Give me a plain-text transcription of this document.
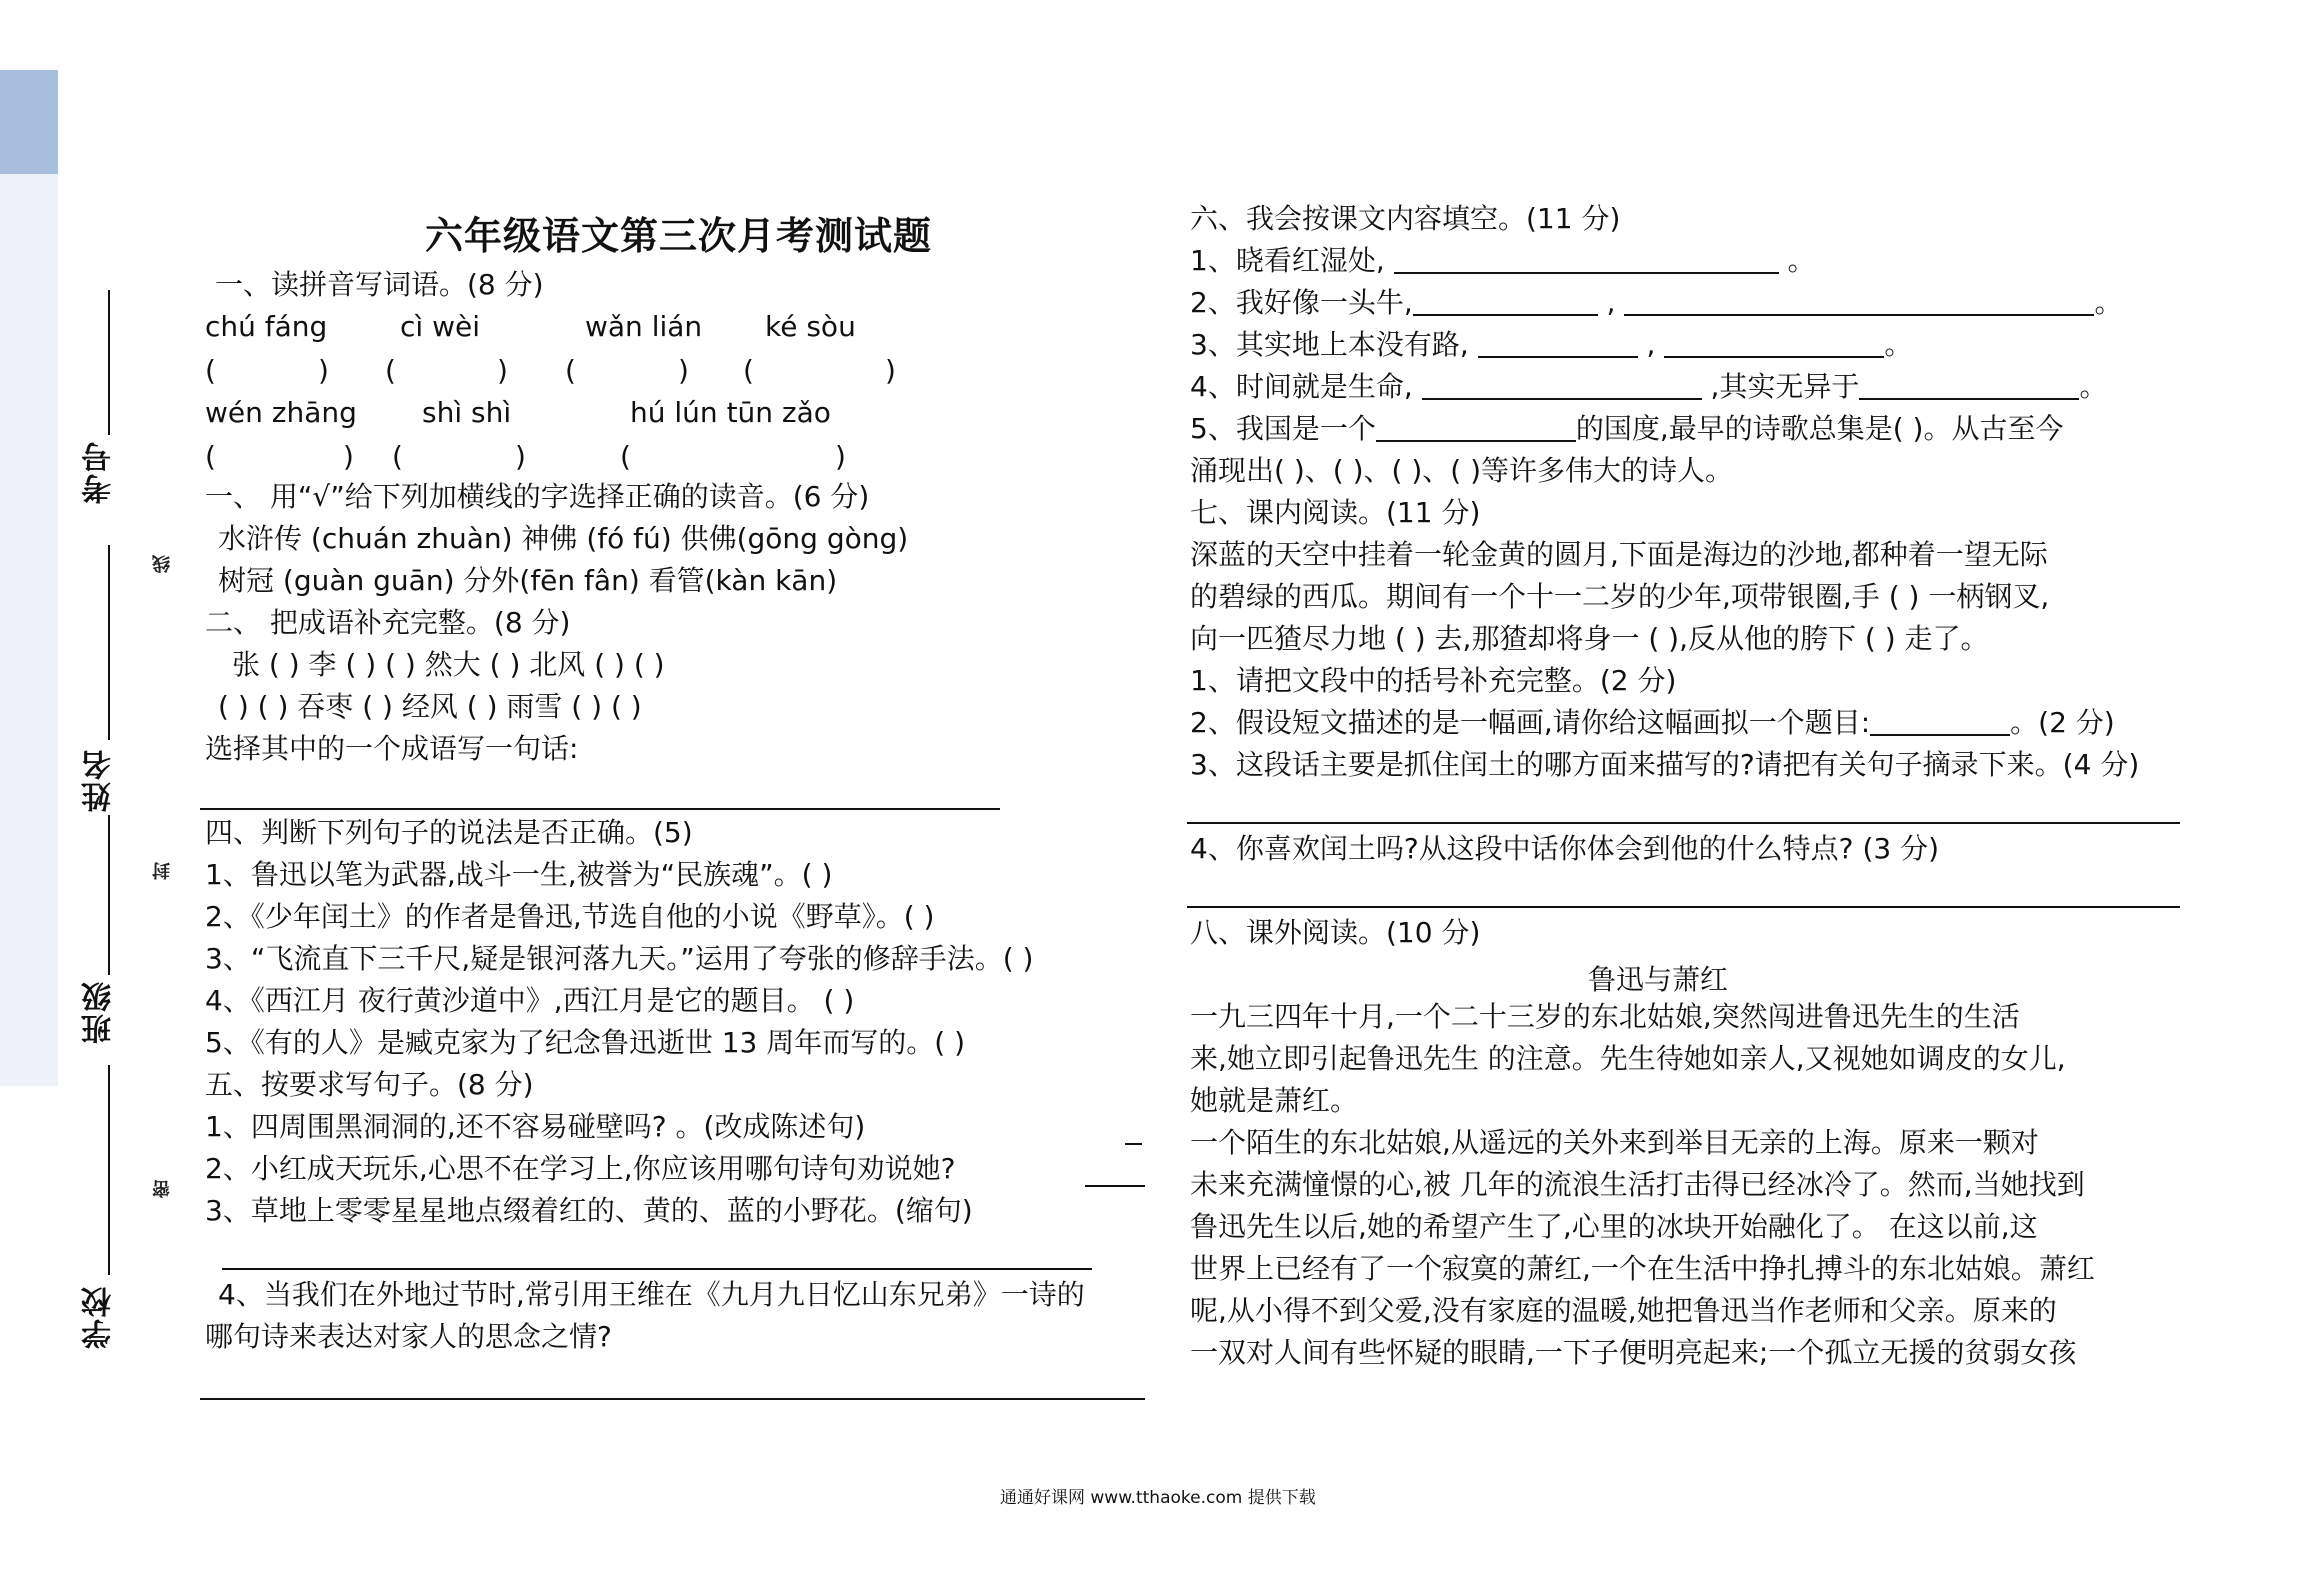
考号
姓名
班级
学校
线
封
密
六年级语文第三次月考测试题
一、读拼音写词语。(8 分)
chú fáng	cì wèi	wǎn lián ké sòu
(	) (	) (	) (	)
wén zhāng shì shì	hú lún tūn zǎo
(	) (	)	(	)
一、 用“√”给下列加横线的字选择正确的读音。(6 分)
水浒传 (chuán zhuàn) 神佛 (fó fú) 供佛(gōng gòng)
树冠 (guàn guān) 分外(fēn fân) 看管(kàn kān)
二、 把成语补充完整。(8 分)
张 ( ) 李 ( ) ( ) 然大 ( ) 北风 ( ) ( )
( ) ( ) 吞枣 ( ) 经风 ( ) 雨雪 ( ) ( )
选择其中的一个成语写一句话:
四、判断下列句子的说法是否正确。(5)
1、鲁迅以笔为武器,战斗一生,被誉为“民族魂”。( )
2、《少年闰土》的作者是鲁迅,节选自他的小说《野草》。( )
3、“飞流直下三千尺,疑是银河落九天。”运用了夸张的修辞手法。( )
4、《西江月 夜行黄沙道中》,西江月是它的题目。 ( )
5、《有的人》是臧克家为了纪念鲁迅逝世 13 周年而写的。( )
五、按要求写句子。(8 分)
1、四周围黑洞洞的,还不容易碰壁吗? 。(改成陈述句)
2、小红成天玩乐,心思不在学习上,你应该用哪句诗句劝说她?
3、草地上零零星星地点缀着红的、黄的、蓝的小野花。(缩句)
4、当我们在外地过节时,常引用王维在《九月九日忆山东兄弟》一诗的
哪句诗来表达对家人的思念之情?
六、我会按课文内容填空。(11 分)
1、晓看红湿处,	。
2、我好像一头牛,	,	。
3、其实地上本没有路,	,	。
4、时间就是生命,	,其实无异于	。
5、我国是一个	的国度,最早的诗歌总集是( )。从古至今
涌现出( )、( )、( )、( )等许多伟大的诗人。
七、课内阅读。(11 分)
深蓝的天空中挂着一轮金黄的圆月,下面是海边的沙地,都种着一望无际
的碧绿的西瓜。期间有一个十一二岁的少年,项带银圈,手 ( ) 一柄钢叉,
向一匹猹尽力地 ( ) 去,那猹却将身一 ( ),反从他的胯下 ( ) 走了。
1、请把文段中的括号补充完整。(2 分)
2、假设短文描述的是一幅画,请你给这幅画拟一个题目:	。(2 分)
3、这段话主要是抓住闰土的哪方面来描写的?请把有关句子摘录下来。(4 分)
4、你喜欢闰土吗?从这段中话你体会到他的什么特点? (3 分)
八、课外阅读。(10 分)
鲁迅与萧红
一九三四年十月,一个二十三岁的东北姑娘,突然闯进鲁迅先生的生活
来,她立即引起鲁迅先生 的注意。先生待她如亲人,又视她如调皮的女儿,
她就是萧红。
一个陌生的东北姑娘,从遥远的关外来到举目无亲的上海。原来一颗对
未来充满憧憬的心,被 几年的流浪生活打击得已经冰冷了。然而,当她找到
鲁迅先生以后,她的希望产生了,心里的冰块开始融化了。 在这以前,这
世界上已经有了一个寂寞的萧红,一个在生活中挣扎搏斗的东北姑娘。萧红
呢,从小得不到父爱,没有家庭的温暖,她把鲁迅当作老师和父亲。原来的
一双对人间有些怀疑的眼睛,一下子便明亮起来;一个孤立无援的贫弱女孩
通通好课网 www.tthaoke.com 提供下载
